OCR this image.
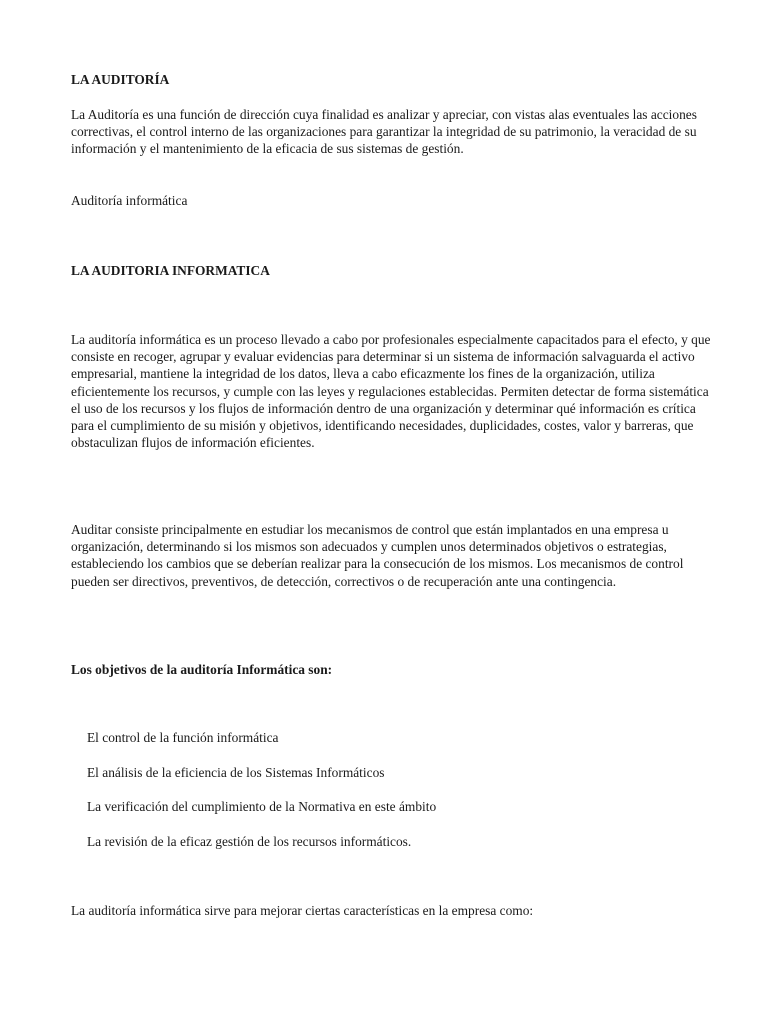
LA AUDITORÍA

La Auditoría es una función de dirección cuya finalidad es analizar y apreciar, con vistas alas eventuales las acciones correctivas, el control interno de las organizaciones para garantizar la integridad de su patrimonio, la veracidad de su información y el mantenimiento de la eficacia de sus sistemas de gestión.

Auditoría informática

LA AUDITORIA INFORMATICA

La auditoría informática es un proceso llevado a cabo por profesionales especialmente capacitados para el efecto, y que consiste en recoger, agrupar y evaluar evidencias para determinar si un sistema de información salvaguarda el activo empresarial, mantiene la integridad de los datos, lleva a cabo eficazmente los fines de la organización, utiliza eficientemente los recursos, y cumple con las leyes y regulaciones establecidas. Permiten detectar de forma sistemática el uso de los recursos y los flujos de información dentro de una organización y determinar qué información es crítica para el cumplimiento de su misión y objetivos, identificando necesidades, duplicidades, costes, valor y barreras, que obstaculizan flujos de información eficientes.

Auditar consiste principalmente en estudiar los mecanismos de control que están implantados en una empresa u organización, determinando si los mismos son adecuados y cumplen unos determinados objetivos o estrategias, estableciendo los cambios que se deberían realizar para la consecución de los mismos. Los mecanismos de control pueden ser directivos, preventivos, de detección, correctivos o de recuperación ante una contingencia.

Los objetivos de la auditoría Informática son:

El control de la función informática

El análisis de la eficiencia de los Sistemas Informáticos

La verificación del cumplimiento de la Normativa en este ámbito

La revisión de la eficaz gestión de los recursos informáticos.

La auditoría informática sirve para mejorar ciertas características en la empresa como:
